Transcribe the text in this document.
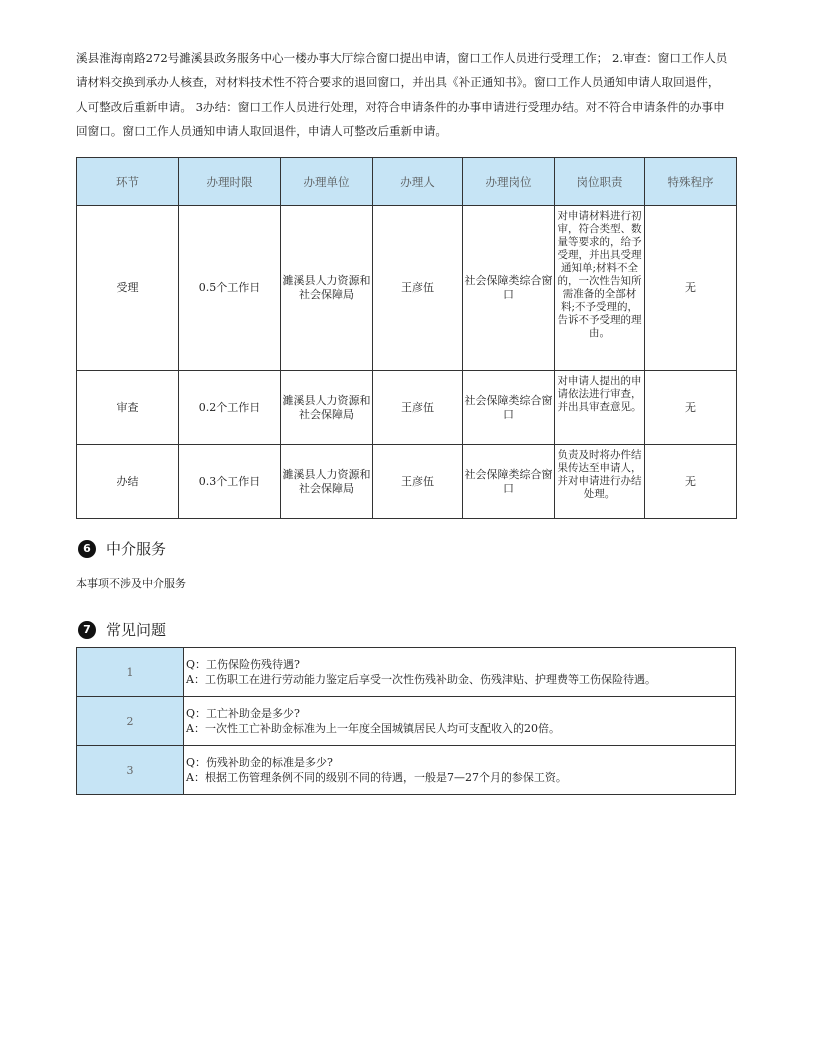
溪县淮海南路272号濉溪县政务服务中心一楼办事大厅综合窗口提出申请，窗口工作人员进行受理工作； 2.审查：窗口工作人员
请材料交换到承办人核查，对材料技术性不符合要求的退回窗口，并出具《补正通知书》。窗口工作人员通知申请人取回退件，
人可整改后重新申请。 3办结：窗口工作人员进行处理，对符合申请条件的办事申请进行受理办结。对不符合申请条件的办事申
回窗口。窗口工作人员通知申请人取回退件，申请人可整改后重新申请。
环节	办理时限	办理单位	办理人	办理岗位	岗位职责	特殊程序
受理	0.5个工作日	濉溪县人力资源和社会保障局	王彦伍	社会保障类综合窗口	对申请材料进行初审，符合类型、数量等要求的，给予受理，并出具受理通知单;材料不全的，一次性告知所需准备的全部材料;不予受理的，告诉不予受理的理由。	无
审查	0.2个工作日	濉溪县人力资源和社会保障局	王彦伍	社会保障类综合窗口	对申请人提出的申请依法进行审查，并出具审查意见。	无
办结	0.3个工作日	濉溪县人力资源和社会保障局	王彦伍	社会保障类综合窗口	负责及时将办件结果传达至申请人，并对申请进行办结处理。	无
6	中介服务
本事项不涉及中介服务
7	常见问题
1	Q：工伤保险伤残待遇?
A：工伤职工在进行劳动能力鉴定后享受一次性伤残补助金、伤残津贴、护理费等工伤保险待遇。

2	Q：工亡补助金是多少?
A：一次性工亡补助金标准为上一年度全国城镇居民人均可支配收入的20倍。

3	Q：伤残补助金的标准是多少?
A：根据工伤管理条例不同的级别不同的待遇，一般是7—27个月的参保工资。
